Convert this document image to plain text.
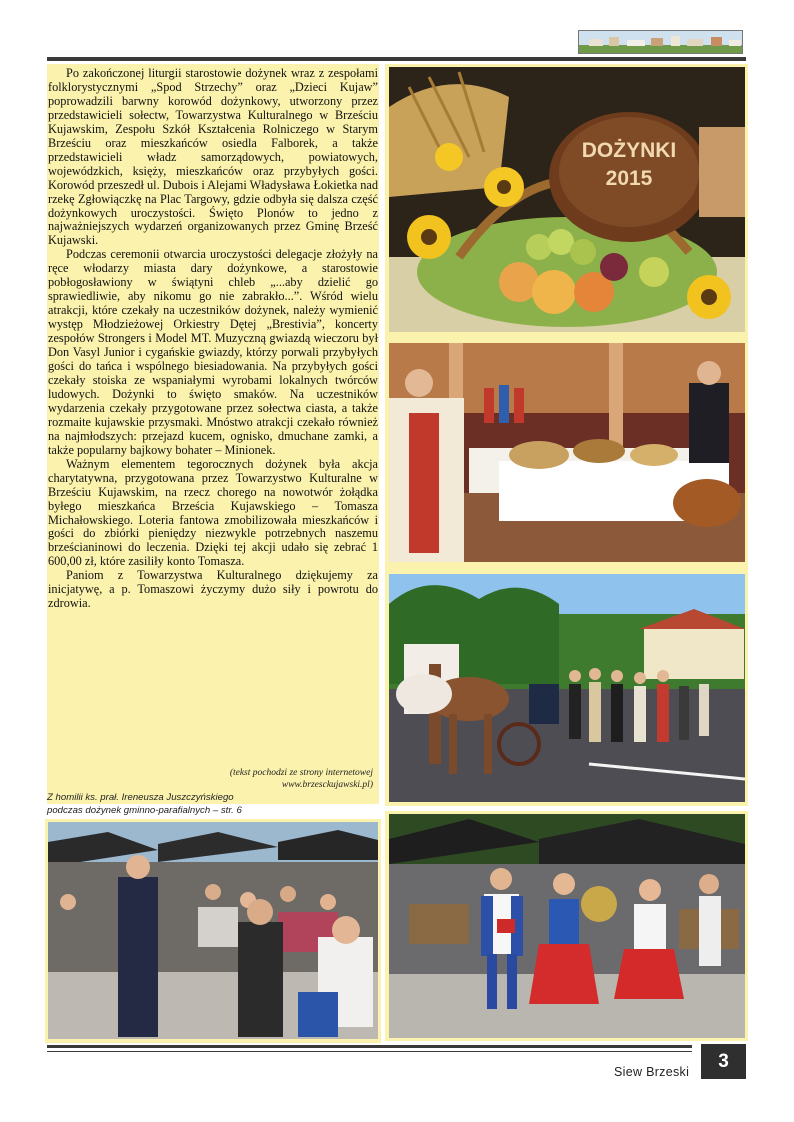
Po zakończonej liturgii starostowie dożynek wraz z zespołami folklorystycznymi „Spod Strzechy” oraz „Dzieci Kujaw” poprowadzili barwny korowód dożynkowy, utworzony przez przedstawicieli sołectw, Towarzystwa Kulturalnego w Brześciu Kujawskim, Zespołu Szkół Kształcenia Rolniczego w Starym Brześciu oraz mieszkańców osiedla Falborek, a także przedstawicieli władz samorządowych, powiatowych, wojewódzkich, księży, mieszkańców oraz przybyłych gości. Korowód przeszedł ul. Dubois i Alejami Władysława Łokietka nad rzekę Zgłowiączkę na Plac Targowy, gdzie odbyła się dalsza część dożynkowych uroczystości. Święto Plonów to jedno z najważniejszych wydarzeń organizowanych przez Gminę Brześć Kujawski.

Podczas ceremonii otwarcia uroczystości delegacje złożyły na ręce włodarzy miasta dary dożynkowe, a starostowie pobłogosławiony w świątyni chleb „...aby dzielić go sprawiedliwie, aby nikomu go nie zabrakło...”. Wśród wielu atrakcji, które czekały na uczestników dożynek, należy wymienić występ Młodzieżowej Orkiestry Dętej „Brestivia”, koncerty zespołów Strongers i Model MT. Muzyczną gwiazdą wieczoru był Don Vasyl Junior i cygańskie gwiazdy, którzy porwali przybyłych gości do tańca i wspólnego biesiadowania. Na przybyłych gości czekały stoiska ze wspaniałymi wyrobami lokalnych twórców ludowych. Dożynki to święto smaków. Na uczestników wydarzenia czekały przygotowane przez sołectwa ciasta, a także rozmaite kujawskie przysmaki. Mnóstwo atrakcji czekało również na najmłodszych: przejazd kucem, ognisko, dmuchane zamki, a także popularny bajkowy bohater – Minionek.

Ważnym elementem tegorocznych dożynek była akcja charytatywna, przygotowana przez Towarzystwo Kulturalne w Brześciu Kujawskim, na rzecz chorego na nowotwór żołądka byłego mieszkańca Brześcia Kujawskiego – Tomasza Michałowskiego. Loteria fantowa zmobilizowała mieszkańców i gości do zbiórki pieniędzy niezwykle potrzebnych naszemu brześcianinowi do leczenia. Dzięki tej akcji udało się zebrać 1 600,00 zł, które zasiliły konto Tomasza.

Paniom z Towarzystwa Kulturalnego dziękujemy za inicjatywę, a p. Tomaszowi życzymy dużo siły i powrotu do zdrowia.

(tekst pochodzi ze strony internetowej
www.brzesckujawski.pl)
Z homilii ks. prał. Ireneusza Juszczyńskiego
podczas dożynek gminno-parafialnych – str. 6
DOŻYNKI
2015
Siew Brzeski
3
